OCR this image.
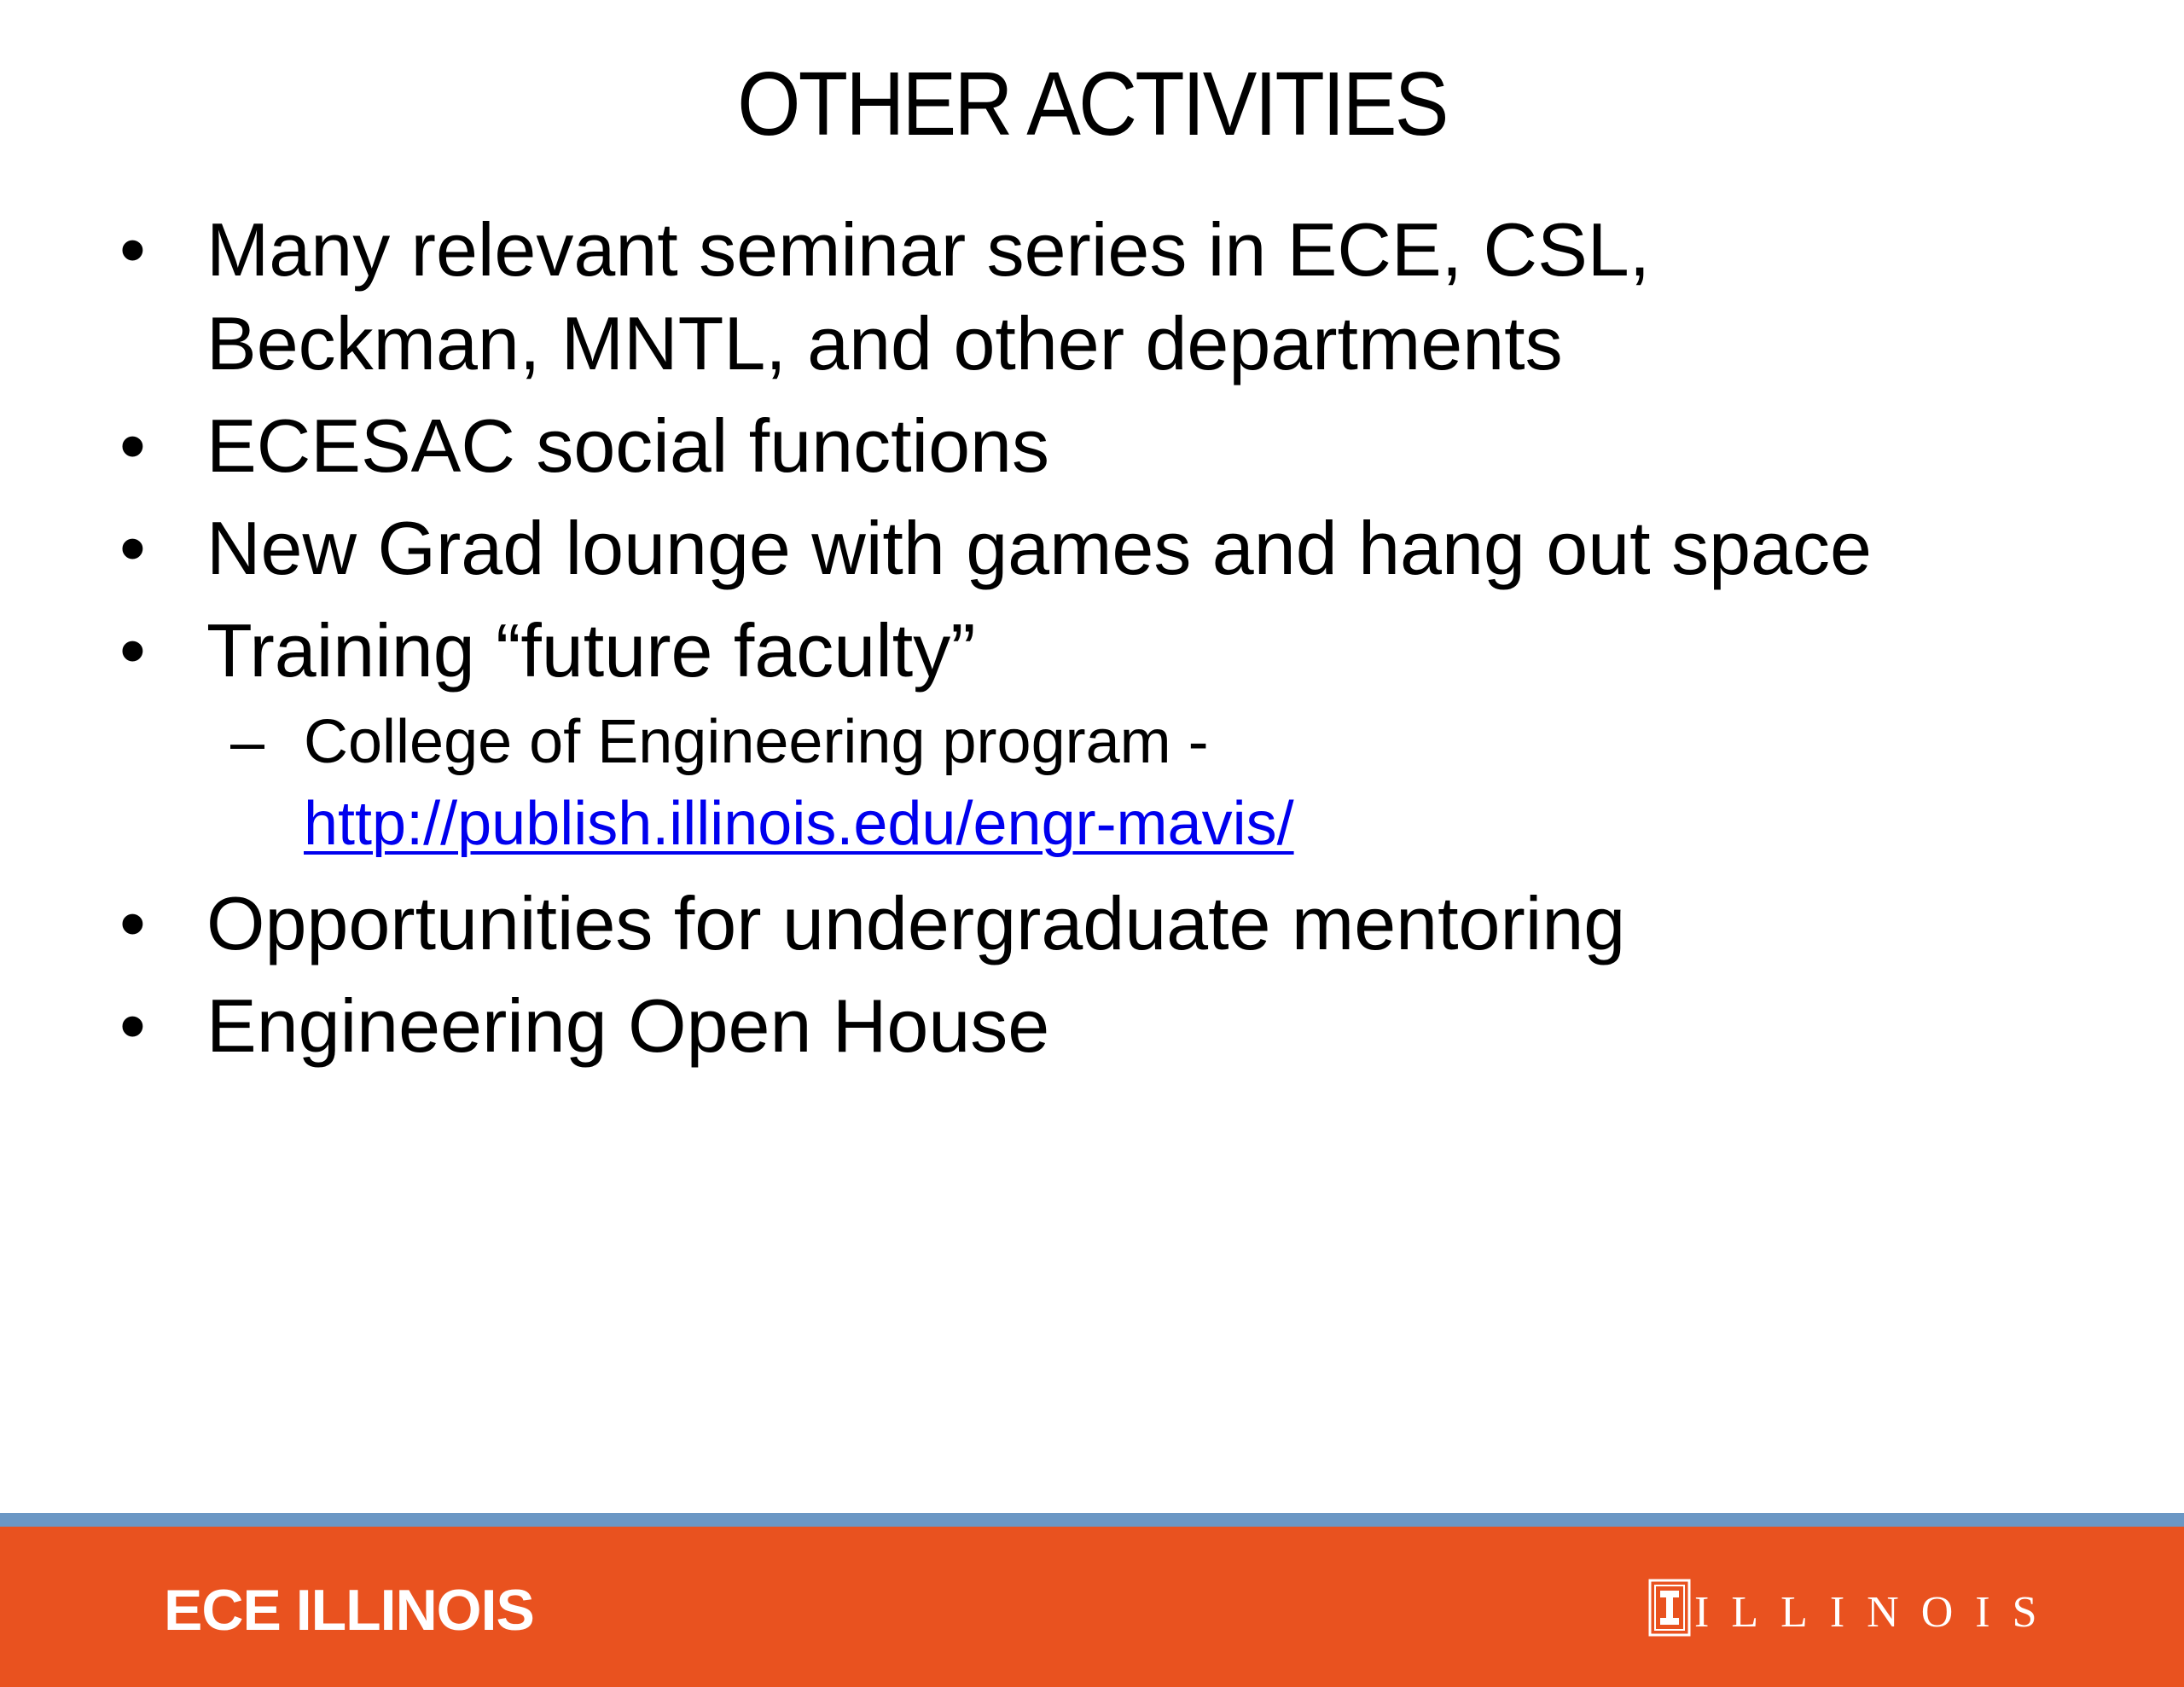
OTHER ACTIVITIES
• Many relevant seminar series in ECE, CSL,
Beckman, MNTL, and other departments
• ECESAC social functions
• New Grad lounge with games and hang out space
• Training “future faculty”
– College of Engineering program -
http://publish.illinois.edu/engr-mavis/
• Opportunities for undergraduate mentoring
• Engineering Open House
ECE ILLINOIS	ILLINOIS
